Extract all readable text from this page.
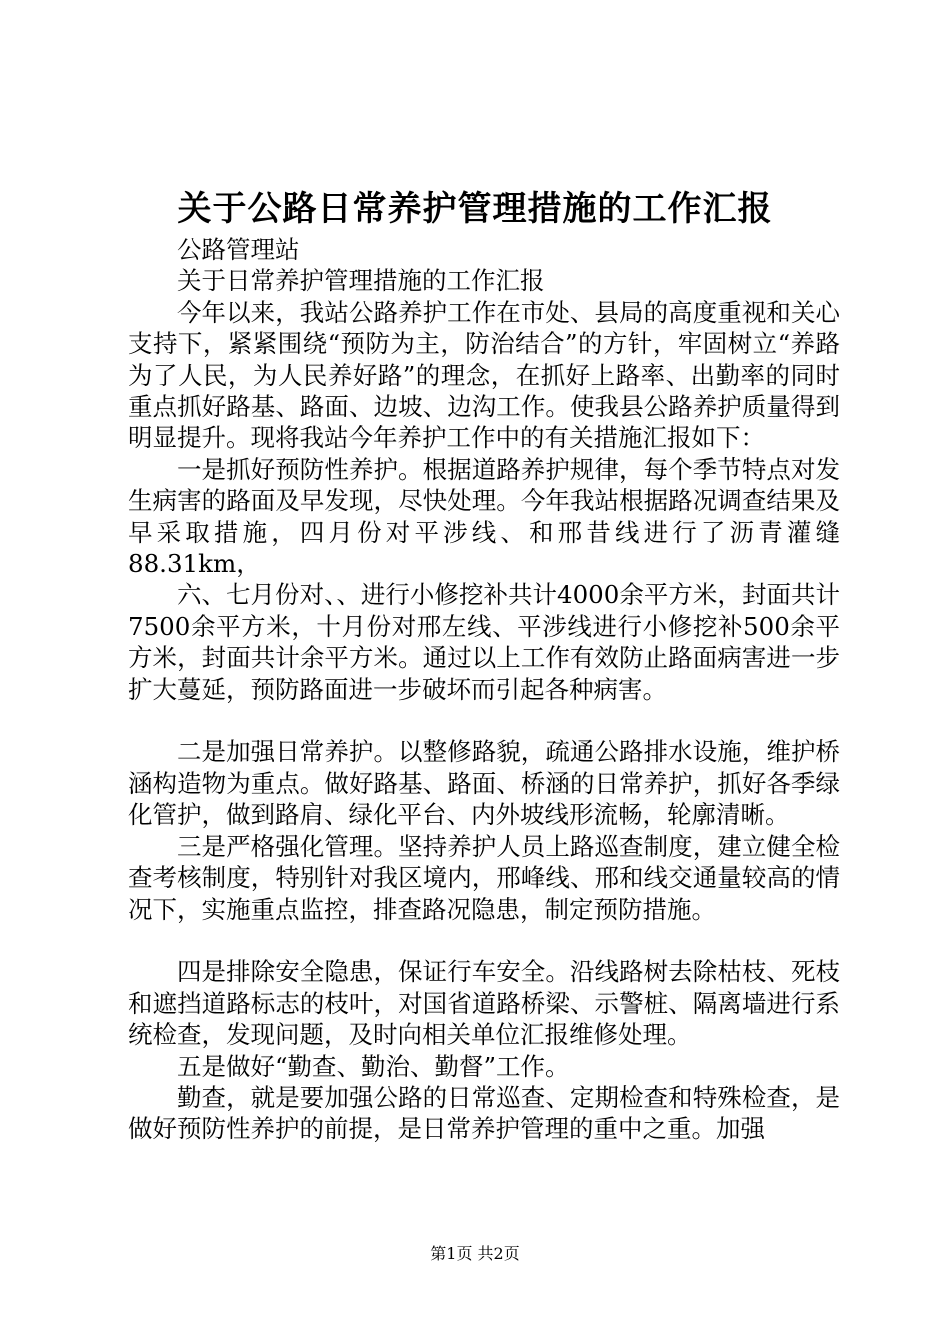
关于公路日常养护管理措施的工作汇报

公路管理站

关于日常养护管理措施的工作汇报

今年以来，我站公路养护工作在市处、县局的高度重视和关心支持下，紧紧围绕“预防为主，防治结合”的方针，牢固树立“养路为了人民，为人民养好路”的理念，在抓好上路率、出勤率的同时重点抓好路基、路面、边坡、边沟工作。使我县公路养护质量得到明显提升。现将我站今年养护工作中的有关措施汇报如下：

一是抓好预防性养护。根据道路养护规律，每个季节特点对发生病害的路面及早发现，尽快处理。今年我站根据路况调查结果及早采取措施，四月份对平涉线、和邢昔线进行了沥青灌缝88.31km，

六、七月份对、、进行小修挖补共计4000余平方米，封面共计7500余平方米，十月份对邢左线、平涉线进行小修挖补500余平方米，封面共计余平方米。通过以上工作有效防止路面病害进一步扩大蔓延，预防路面进一步破坏而引起各种病害。

二是加强日常养护。以整修路貌，疏通公路排水设施，维护桥涵构造物为重点。做好路基、路面、桥涵的日常养护，抓好各季绿化管护，做到路肩、绿化平台、内外坡线形流畅，轮廓清晰。

三是严格强化管理。坚持养护人员上路巡查制度，建立健全检查考核制度，特别针对我区境内，邢峰线、邢和线交通量较高的情况下，实施重点监控，排查路况隐患，制定预防措施。

四是排除安全隐患，保证行车安全。沿线路树去除枯枝、死枝和遮挡道路标志的枝叶，对国省道路桥梁、示警桩、隔离墙进行系统检查，发现问题，及时向相关单位汇报维修处理。

五是做好“勤查、勤治、勤督”工作。

勤查，就是要加强公路的日常巡查、定期检查和特殊检查，是做好预防性养护的前提，是日常养护管理的重中之重。加强

第1页 共2页
